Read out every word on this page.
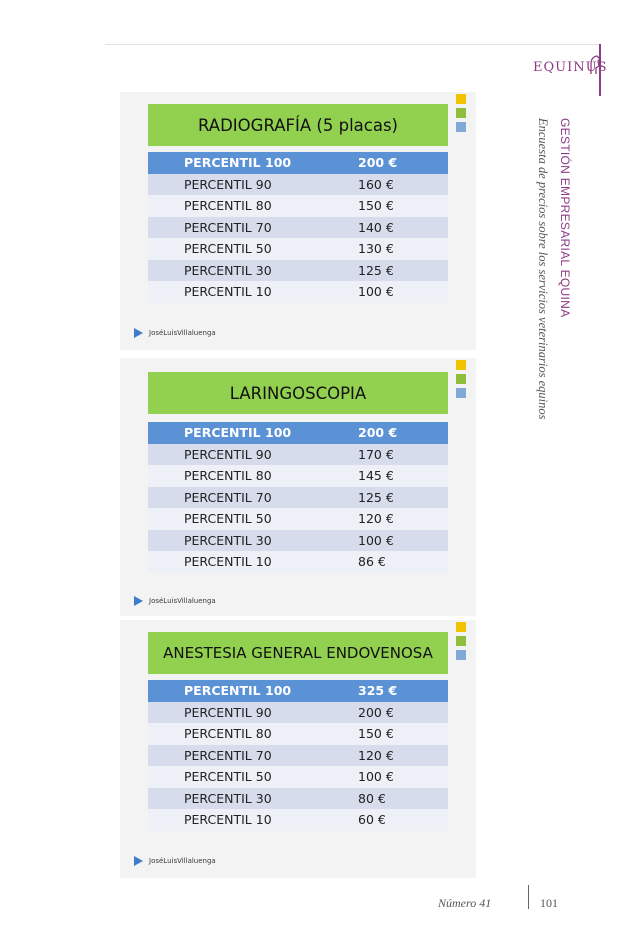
EQUINUS
GESTIÓN EMPRESARIAL EQUINA
Encuesta de precios sobre los servicios veterinarios equinos
RADIOGRAFÍA (5 placas)
PERCENTIL 100	200 €
PERCENTIL 90	160 €
PERCENTIL 80	150 €
PERCENTIL 70	140 €
PERCENTIL 50	130 €
PERCENTIL 30	125 €
PERCENTIL 10	100 €
JoséLuisVillaluenga
LARINGOSCOPIA
PERCENTIL 100	200 €
PERCENTIL 90	170 €
PERCENTIL 80	145 €
PERCENTIL 70	125 €
PERCENTIL 50	120 €
PERCENTIL 30	100 €
PERCENTIL 10	86 €
JoséLuisVillaluenga
ANESTESIA GENERAL ENDOVENOSA
PERCENTIL 100	325 €
PERCENTIL 90	200 €
PERCENTIL 80	150 €
PERCENTIL 70	120 €
PERCENTIL 50	100 €
PERCENTIL 30	80 €
PERCENTIL 10	60 €
JoséLuisVillaluenga
Número 41	101
